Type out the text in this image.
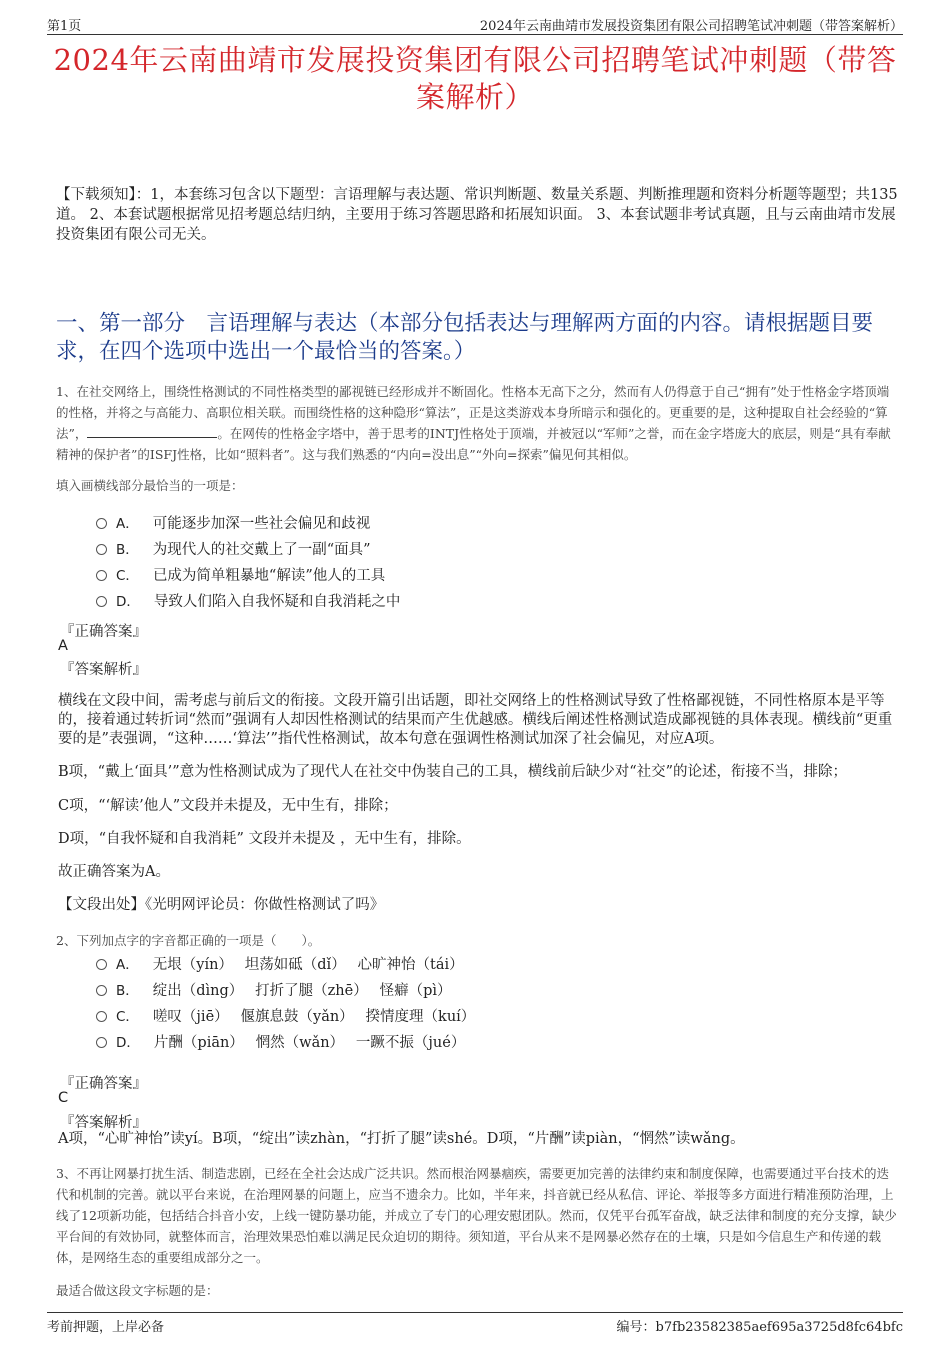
第1页	2024年云南曲靖市发展投资集团有限公司招聘笔试冲刺题（带答案解析）
2024年云南曲靖市发展投资集团有限公司招聘笔试冲刺题（带答案解析）
【下载须知】：1，本套练习包含以下题型：言语理解与表达题、常识判断题、数量关系题、判断推理题和资料分析题等题型；共135道。 2、本套试题根据常见招考题总结归纳，主要用于练习答题思路和拓展知识面。 3、本套试题非考试真题，且与云南曲靖市发展投资集团有限公司无关。
一、第一部分　言语理解与表达（本部分包括表达与理解两方面的内容。请根据题目要求，在四个选项中选出一个最恰当的答案。）
1、在社交网络上，围绕性格测试的不同性格类型的鄙视链已经形成并不断固化。性格本无高下之分，然而有人仍得意于自己“拥有”处于性格金字塔顶端的性格，并将之与高能力、高职位相关联。而围绕性格的这种隐形“算法”，正是这类游戏本身所暗示和强化的。更重要的是，这种提取自社会经验的“算法”，	。在网传的性格金字塔中，善于思考的INTJ性格处于顶端，并被冠以“军师”之誉，而在金字塔庞大的底层，则是“具有奉献精神的保护者”的ISFJ性格，比如“照料者”。这与我们熟悉的“内向=没出息”“外向=探索”偏见何其相似。
填入画横线部分最恰当的一项是：
A． 可能逐步加深一些社会偏见和歧视
B． 为现代人的社交戴上了一副“面具”
C． 已成为简单粗暴地“解读”他人的工具
D． 导致人们陷入自我怀疑和自我消耗之中
『正确答案』
A
『答案解析』
横线在文段中间，需考虑与前后文的衔接。文段开篇引出话题，即社交网络上的性格测试导致了性格鄙视链，不同性格原本是平等的，接着通过转折词“然而”强调有人却因性格测试的结果而产生优越感。横线后阐述性格测试造成鄙视链的具体表现。横线前“更重要的是”表强调，“这种……‘算法’”指代性格测试，故本句意在强调性格测试加深了社会偏见，对应A项。
B项，“戴上‘面具’”意为性格测试成为了现代人在社交中伪装自己的工具，横线前后缺少对“社交”的论述，衔接不当，排除；
C项，“‘解读’他人”文段并未提及，无中生有，排除；
D项，“自我怀疑和自我消耗” 文段并未提及 ，无中生有，排除。
故正确答案为A。
【文段出处】《光明网评论员：你做性格测试了吗》
2、下列加点字的字音都正确的一项是（　　）。
A． 无垠（yín）　 坦荡如砥（dǐ）　 心旷神怡（tái）
B． 绽出（dìng）　 打折了腿（zhē）　 怪癖（pì）
C． 嗟叹（jiē）　 偃旗息鼓（yǎn）　 揆情度理（kuí）
D． 片酬（piān）　 惘然（wǎn）　 一蹶不振（jué）
『正确答案』
C
『答案解析』
A项，“心旷神怡”读yí。B项，“绽出”读zhàn，“打折了腿”读shé。D项，“片酬”读piàn，“惘然”读wǎng。
3、不再让网暴打扰生活、制造悲剧，已经在全社会达成广泛共识。然而根治网暴痼疾，需要更加完善的法律约束和制度保障，也需要通过平台技术的迭代和机制的完善。就以平台来说，在治理网暴的问题上，应当不遗余力。比如，半年来，抖音就已经从私信、评论、举报等多方面进行精准预防治理，上线了12项新功能，包括结合抖音小安，上线一键防暴功能，并成立了专门的心理安慰团队。然而，仅凭平台孤军奋战，缺乏法律和制度的充分支撑，缺少平台间的有效协同，就整体而言，治理效果恐怕难以满足民众迫切的期待。须知道，平台从来不是网暴必然存在的土壤，只是如今信息生产和传递的载体，是网络生态的重要组成部分之一。
最适合做这段文字标题的是：
考前押题，上岸必备	编号：b7fb23582385aef695a3725d8fc64bfc
